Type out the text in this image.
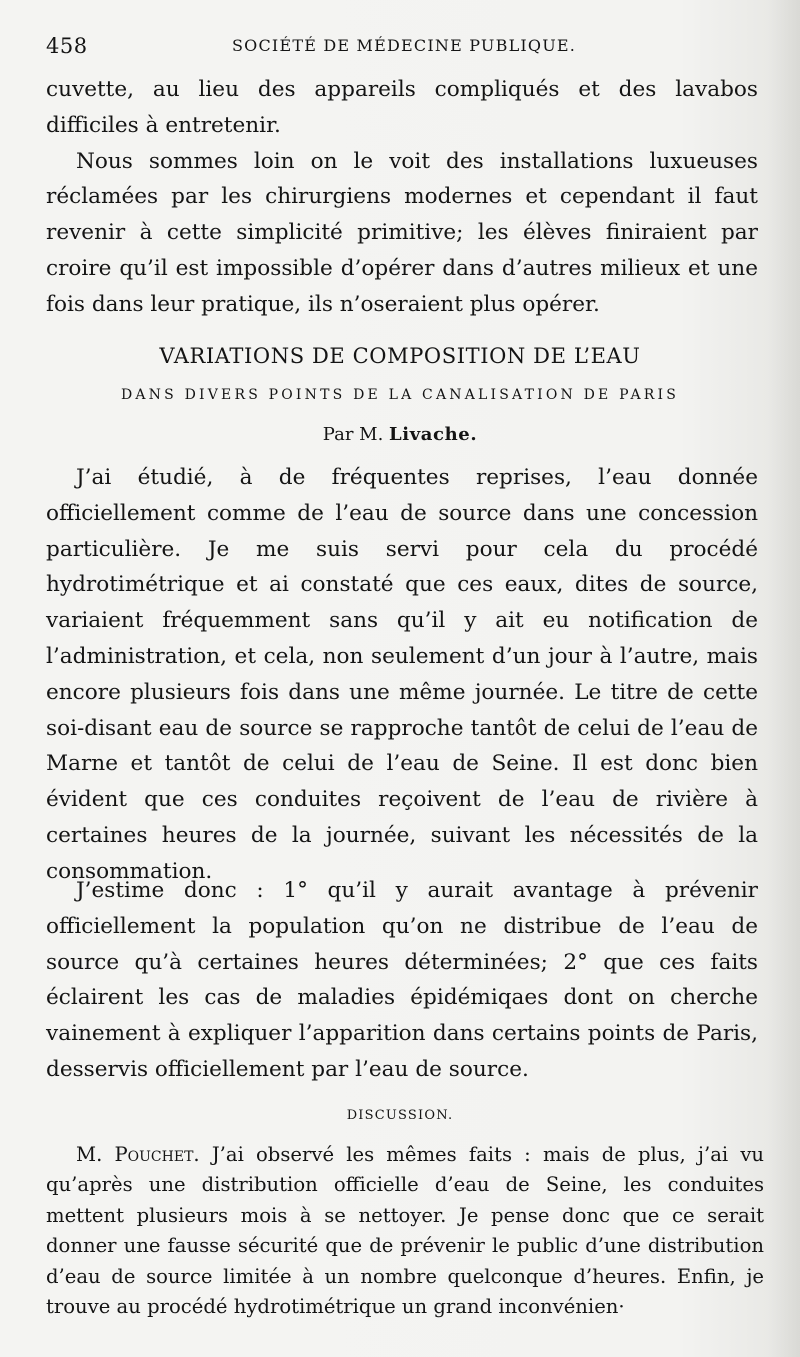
458	SOCIÉTÉ DE MÉDECINE PUBLIQUE.

cuvette, au lieu des appareils compliqués et des lavabos difficiles à entretenir.

Nous sommes loin on le voit des installations luxueuses réclamées par les chirurgiens modernes et cependant il faut revenir à cette simplicité primitive; les élèves finiraient par croire qu’il est impossible d’opérer dans d’autres milieux et une fois dans leur pratique, ils n’oseraient plus opérer.

VARIATIONS DE COMPOSITION DE L’EAU
DANS DIVERS POINTS DE LA CANALISATION DE PARIS
Par M. Livache.

J’ai étudié, à de fréquentes reprises, l’eau donnée officiellement comme de l’eau de source dans une concession particulière. Je me suis servi pour cela du procédé hydrotimétrique et ai constaté que ces eaux, dites de source, variaient fréquemment sans qu’il y ait eu notification de l’administration, et cela, non seulement d’un jour à l’autre, mais encore plusieurs fois dans une même journée. Le titre de cette soi-disant eau de source se rapproche tantôt de celui de l’eau de Marne et tantôt de celui de l’eau de Seine. Il est donc bien évident que ces conduites reçoivent de l’eau de rivière à certaines heures de la journée, suivant les nécessités de la consommation.

J’estime donc : 1° qu’il y aurait avantage à prévenir officiellement la population qu’on ne distribue de l’eau de source qu’à certaines heures déterminées; 2° que ces faits éclairent les cas de maladies épidémiqaes dont on cherche vainement à expliquer l’apparition dans certains points de Paris, desservis officiellement par l’eau de source.

DISCUSSION.

M. Pouchet. J’ai observé les mêmes faits : mais de plus, j’ai vu qu’après une distribution officielle d’eau de Seine, les conduites mettent plusieurs mois à se nettoyer. Je pense donc que ce serait donner une fausse sécurité que de prévenir le public d’une distribution d’eau de source limitée à un nombre quelconque d’heures. Enfin, je trouve au procédé hydrotimétrique un grand inconvénien·
